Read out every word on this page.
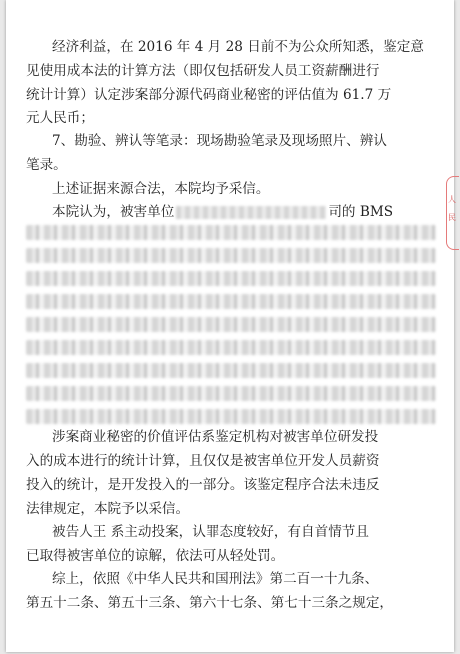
经济利益，在 2016 年 4 月 28 日前不为公众所知悉，鉴定意
见使用成本法的计算方法（即仅包括研发人员工资薪酬进行
统计计算）认定涉案部分源代码商业秘密的评估值为 61.7 万
元人民币；
7、勘验、辨认等笔录：现场勘验笔录及现场照片、辨认
笔录。
上述证据来源合法，本院均予采信。
本院认为，被害单位	司的 BMS
涉案商业秘密的价值评估系鉴定机构对被害单位研发投
入的成本进行的统计计算，且仅仅是被害单位开发人员薪资
投入的统计，是开发投入的一部分。该鉴定程序合法未违反
法律规定，本院予以采信。
被告人王 系主动投案，认罪态度较好，有自首情节且
已取得被害单位的谅解，依法可从轻处罚。
综上，依照《中华人民共和国刑法》第二百一十九条、
第五十二条、第五十三条、第六十七条、第七十三条之规定，
人
民
